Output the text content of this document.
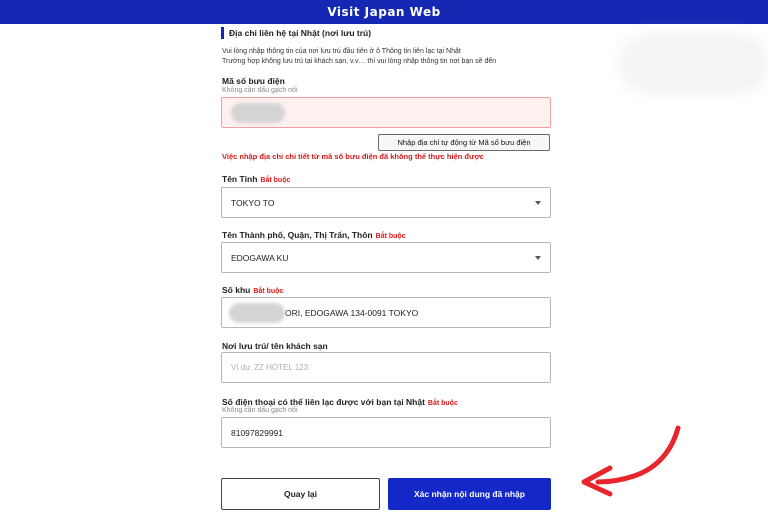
Visit Japan Web
Địa chỉ liên hệ tại Nhật (nơi lưu trú)
Vui lòng nhập thông tin của nơi lưu trú đầu tiên ở ô Thông tin liên lạc tại Nhật
Trường hợp không lưu trú tại khách sạn, v.v… thì vui lòng nhập thông tin nơi bạn sẽ đến
Mã số bưu điện
Không cần dấu gạch nối
Nhập địa chỉ tự động từ Mã số bưu điện
Việc nhập địa chỉ chi tiết từ mã số bưu điện đã không thể thực hiện được
Tên Tỉnh Bắt buộc
TOKYO TO
Tên Thành phố, Quận, Thị Trấn, Thôn Bắt buộc
EDOGAWA KU
Số khu Bắt buộc
ORI, EDOGAWA 134-0091 TOKYO
Nơi lưu trú/ tên khách sạn
Ví dụ: ZZ HOTEL 123
Số điện thoại có thể liên lạc được với bạn tại Nhật Bắt buộc
Không cần dấu gạch nối
81097829991
Quay lại	Xác nhận nội dung đã nhập
